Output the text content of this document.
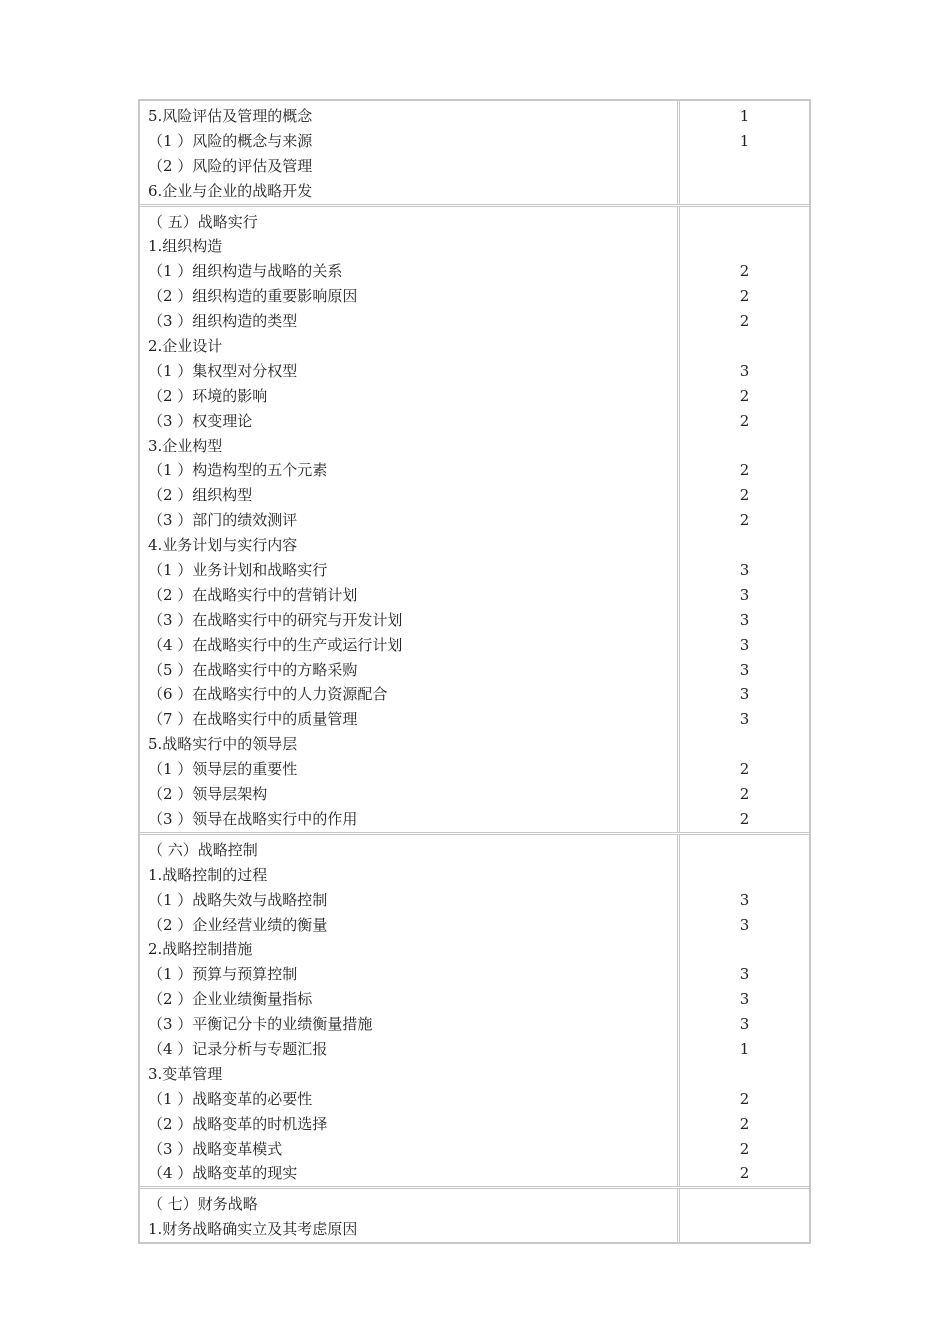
5.风险评估及管理的概念
（1 ）风险的概念与来源
（2 ）风险的评估及管理
6.企业与企业的战略开发
1
1
（ 五）战略实行
1.组织构造
（1 ）组织构造与战略的关系
（2 ）组织构造的重要影响原因
（3 ）组织构造的类型
2.企业设计
（1 ）集权型对分权型
（2 ）环境的影响
（3 ）权变理论
3.企业构型
（1 ）构造构型的五个元素
（2 ）组织构型
（3 ）部门的绩效测评
4.业务计划与实行内容
（1 ）业务计划和战略实行
（2 ）在战略实行中的营销计划
（3 ）在战略实行中的研究与开发计划
（4 ）在战略实行中的生产或运行计划
（5 ）在战略实行中的方略采购
（6 ）在战略实行中的人力资源配合
（7 ）在战略实行中的质量管理
5.战略实行中的领导层
（1 ）领导层的重要性
（2 ）领导层架构
（3 ）领导在战略实行中的作用
2
2
2
3
2
2
2
2
2
3
3
3
3
3
3
3
2
2
2
（ 六）战略控制
1.战略控制的过程
（1 ）战略失效与战略控制
（2 ）企业经营业绩的衡量
2.战略控制措施
（1 ）预算与预算控制
（2 ）企业业绩衡量指标
（3 ）平衡记分卡的业绩衡量措施
（4 ）记录分析与专题汇报
3.变革管理
（1 ）战略变革的必要性
（2 ）战略变革的时机选择
（3 ）战略变革模式
（4 ）战略变革的现实
3
3
3
3
3
1
2
2
2
2
（ 七）财务战略
1.财务战略确实立及其考虑原因
